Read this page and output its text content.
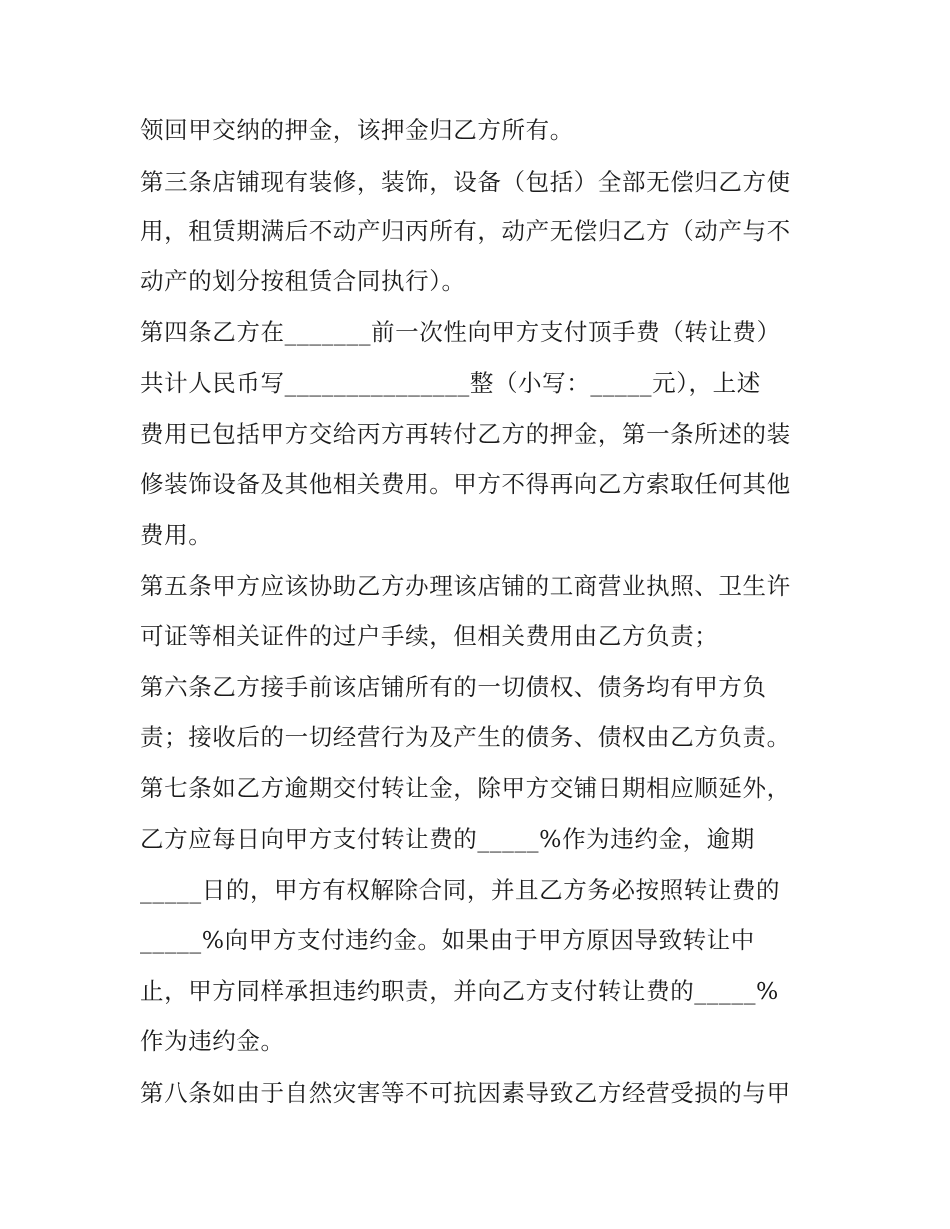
领回甲交纳的押金，该押金归乙方所有。
第三条店铺现有装修，装饰，设备（包括）全部无偿归乙方使
用，租赁期满后不动产归丙所有，动产无偿归乙方（动产与不
动产的划分按租赁合同执行）。
第四条乙方在_______前一次性向甲方支付顶手费（转让费）
共计人民币写_______________整（小写：_____元），上述
费用已包括甲方交给丙方再转付乙方的押金，第一条所述的装
修装饰设备及其他相关费用。甲方不得再向乙方索取任何其他
费用。
第五条甲方应该协助乙方办理该店铺的工商营业执照、卫生许
可证等相关证件的过户手续，但相关费用由乙方负责；
第六条乙方接手前该店铺所有的一切债权、债务均有甲方负
责；接收后的一切经营行为及产生的债务、债权由乙方负责。
第七条如乙方逾期交付转让金，除甲方交铺日期相应顺延外，
乙方应每日向甲方支付转让费的_____%作为违约金，逾期
_____日的，甲方有权解除合同，并且乙方务必按照转让费的
_____%向甲方支付违约金。如果由于甲方原因导致转让中
止，甲方同样承担违约职责，并向乙方支付转让费的_____%
作为违约金。
第八条如由于自然灾害等不可抗因素导致乙方经营受损的与甲
